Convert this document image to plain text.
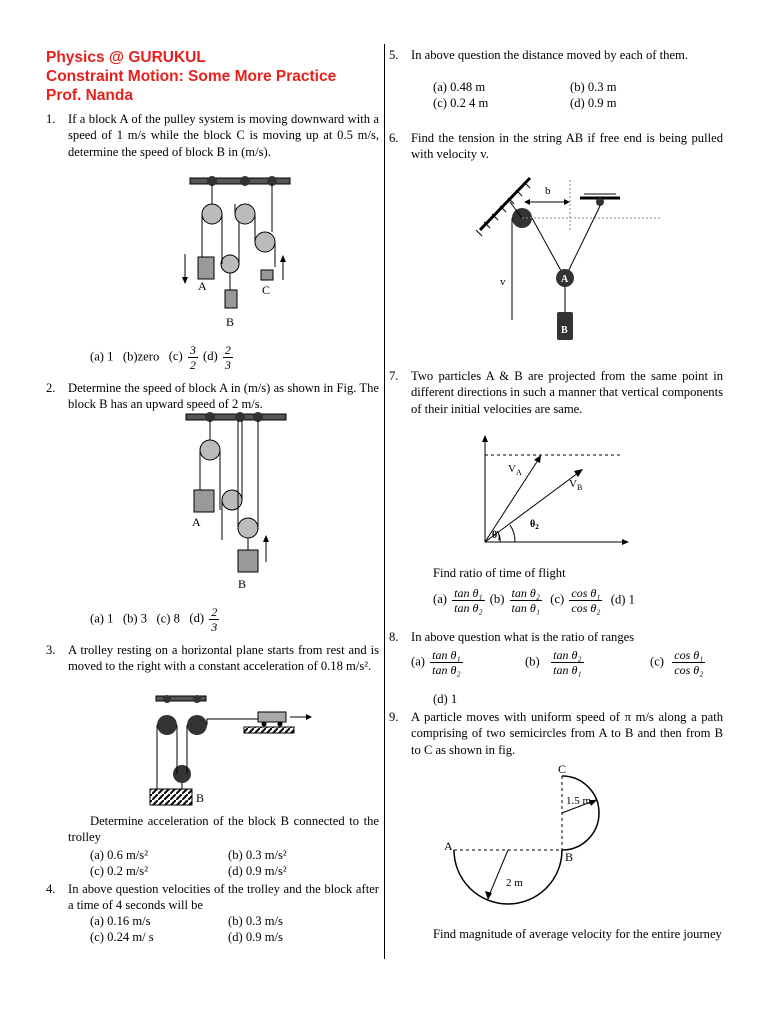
Physics @ GURUKUL
Constraint Motion: Some More Practice
Prof. Nanda
1. If a block A of the pulley system is moving downward with a speed of 1 m/s while the block C is moving up at 0.5 m/s, determine the speed of block B in (m/s).
A	C
B
(a) 1 (b)zero $(c) \frac{3}{2} (d) \frac{2}{3}$
2. Determine the speed of block A in (m/s) as shown in Fig. The block B has an upward speed of 2 m/s.
A
B
(a) 1 (b) 3 (c) 8 $(d) \frac{2}{3}$
3. A trolley resting on a horizontal plane starts from rest and is moved to the right with a constant acceleration of 0.18 m/s².
B
Determine acceleration of the block B connected to the trolley
(a) 0.6 m/s²	(b) 0.3 m/s²
(c) 0.2 m/s²	(d) 0.9 m/s²
4. In above question velocities of the trolley and the block after a time of 4 seconds will be
(a) 0.16 m/s	(b) 0.3 m/s
(c) 0.24 m/ s	(d) 0.9 m/s
5. In above question the distance moved by each of them.
(a) 0.48 m	(b) 0.3 m
(c) 0.2 4 m	(d) 0.9 m
6. Find the tension in the string AB if free end is being pulled with velocity v.
b
v	A
B
7. Two particles A & B are projected from the same point in different directions in such a manner that vertical components of their initial velocities are same.
$V_A$
$V_B$
$\theta_1$
$\theta_2$
Find ratio of time of flight
$(a) \frac{\text{tan θ₁}}{\text{tan θ₂}} (b) \frac{\text{tan θ₂}}{\text{tan θ₁}} (c) \frac{\text{cos θ₁}}{\text{cos θ₂}} (d)$ 1
8. In above question what is the ratio of ranges
$(a) \frac{\text{tan θ₁}}{\text{tan θ₂}}$	$(b) \frac{\text{tan θ₂}}{\text{tan θ₁}}$	$(c) \frac{\text{cos θ₁}}{\text{cos θ₂}}$
(d) 1
9. A particle moves with uniform speed of π m/s along a path comprising of two semicircles from A to B and then from B to C as shown in fig.
A
B
C
2 m
1.5 m
Find magnitude of average velocity for the entire journey
